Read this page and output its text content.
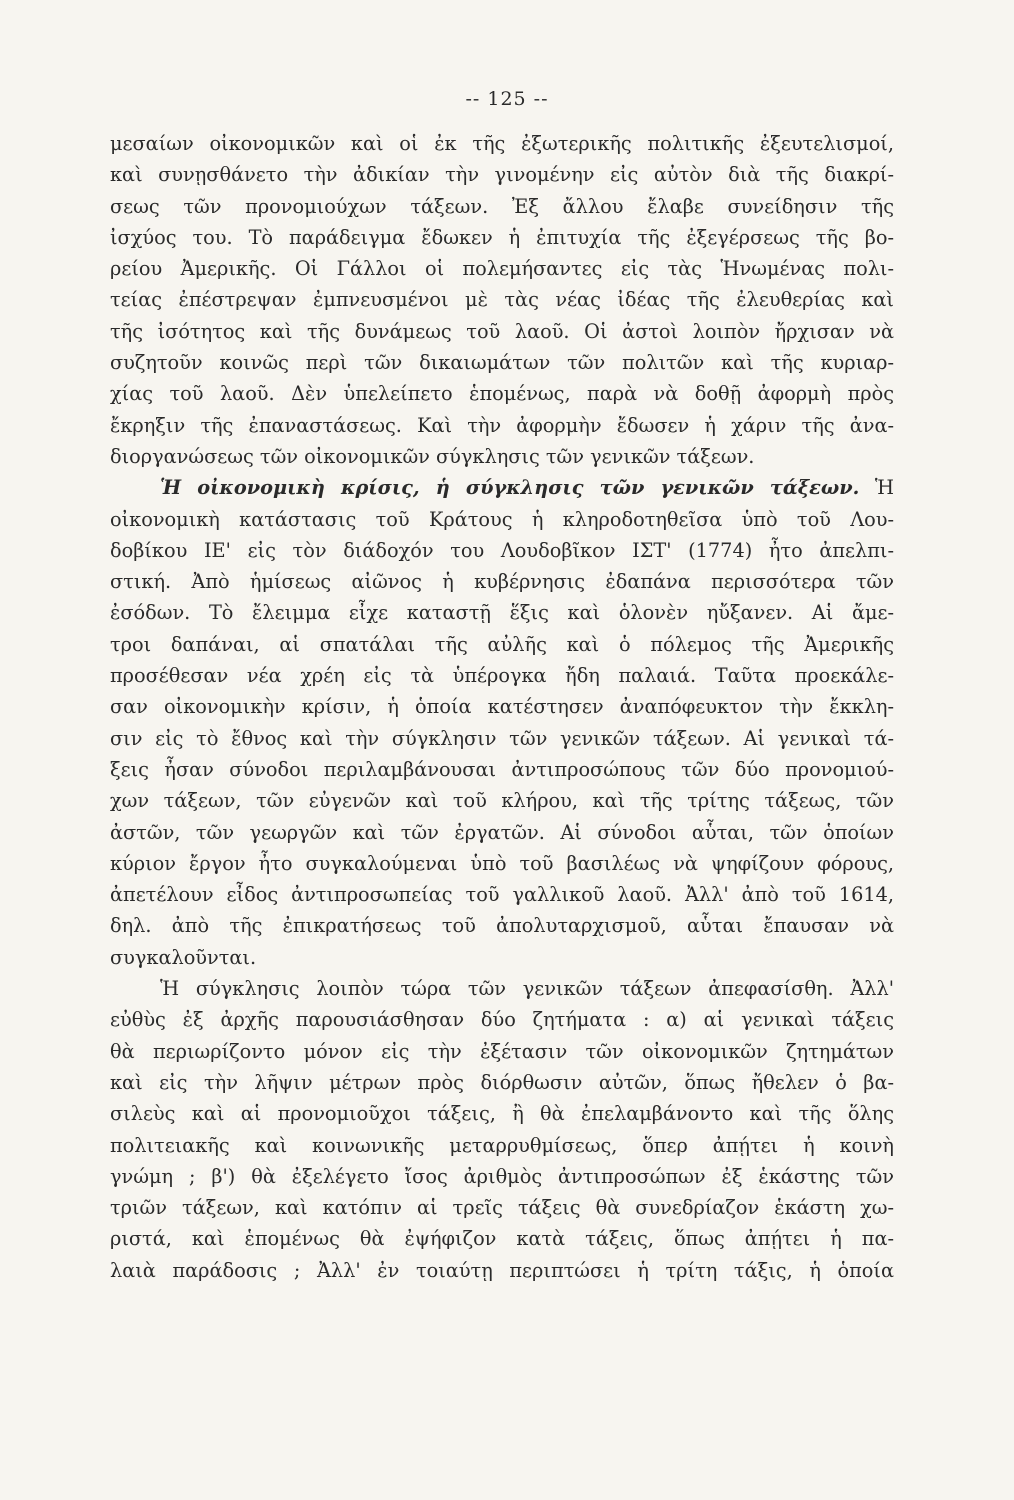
-- 125 --
μεσαίων οἰκονομικῶν καὶ οἱ ἐκ τῆς ἐξωτερικῆς πολιτικῆς ἐξευτελισμοί,
καὶ συνῃσθάνετο τὴν ἀδικίαν τὴν γινομένην εἰς αὐτὸν διὰ τῆς διακρί-
σεως τῶν προνομιούχων τάξεων. Ἐξ ἄλλου ἔλαβε συνείδησιν τῆς
ἰσχύος του. Τὸ παράδειγμα ἔδωκεν ἡ ἐπιτυχία τῆς ἐξεγέρσεως τῆς βο-
ρείου Ἀμερικῆς. Οἱ Γάλλοι οἱ πολεμήσαντες εἰς τὰς Ἡνωμένας πολι-
τείας ἐπέστρεψαν ἐμπνευσμένοι μὲ τὰς νέας ἰδέας τῆς ἐλευθερίας καὶ
τῆς ἰσότητος καὶ τῆς δυνάμεως τοῦ λαοῦ. Οἱ ἀστοὶ λοιπὸν ἤρχισαν νὰ
συζητοῦν κοινῶς περὶ τῶν δικαιωμάτων τῶν πολιτῶν καὶ τῆς κυριαρ-
χίας τοῦ λαοῦ. Δὲν ὑπελείπετο ἑπομένως, παρὰ νὰ δοθῇ ἀφορμὴ πρὸς
ἔκρηξιν τῆς ἐπαναστάσεως. Καὶ τὴν ἀφορμὴν ἔδωσεν ἡ χάριν τῆς ἀνα-
διοργανώσεως τῶν οἰκονομικῶν σύγκλησις τῶν γενικῶν τάξεων.
Ἡ οἰκονομικὴ κρίσις, ἡ σύγκλησις τῶν γενικῶν τάξεων. Ἡ
οἰκονομικὴ κατάστασις τοῦ Κράτους ἡ κληροδοτηθεῖσα ὑπὸ τοῦ Λου-
δοβίκου ΙΕ' εἰς τὸν διάδοχόν του Λουδοβῖκον ΙΣΤ' (1774) ἦτο ἀπελπι-
στική. Ἀπὸ ἡμίσεως αἰῶνος ἡ κυβέρνησις ἐδαπάνα περισσότερα τῶν
ἐσόδων. Τὸ ἔλειμμα εἶχε καταστῇ ἕξις καὶ ὁλονὲν ηὔξανεν. Αἱ ἄμε-
τροι δαπάναι, αἱ σπατάλαι τῆς αὐλῆς καὶ ὁ πόλεμος τῆς Ἀμερικῆς
προσέθεσαν νέα χρέη εἰς τὰ ὑπέρογκα ἤδη παλαιά. Ταῦτα προεκάλε-
σαν οἰκονομικὴν κρίσιν, ἡ ὁποία κατέστησεν ἀναπόφευκτον τὴν ἔκκλη-
σιν εἰς τὸ ἔθνος καὶ τὴν σύγκλησιν τῶν γενικῶν τάξεων. Αἱ γενικαὶ τά-
ξεις ἦσαν σύνοδοι περιλαμβάνουσαι ἀντιπροσώπους τῶν δύο προνομιού-
χων τάξεων, τῶν εὐγενῶν καὶ τοῦ κλήρου, καὶ τῆς τρίτης τάξεως, τῶν
ἀστῶν, τῶν γεωργῶν καὶ τῶν ἐργατῶν. Αἱ σύνοδοι αὗται, τῶν ὁποίων
κύριον ἔργον ἦτο συγκαλούμεναι ὑπὸ τοῦ βασιλέως νὰ ψηφίζουν φόρους,
ἀπετέλουν εἶδος ἀντιπροσωπείας τοῦ γαλλικοῦ λαοῦ. Ἀλλ' ἀπὸ τοῦ 1614,
δηλ. ἀπὸ τῆς ἐπικρατήσεως τοῦ ἀπολυταρχισμοῦ, αὗται ἔπαυσαν νὰ
συγκαλοῦνται.
Ἡ σύγκλησις λοιπὸν τώρα τῶν γενικῶν τάξεων ἀπεφασίσθη. Ἀλλ'
εὐθὺς ἐξ ἀρχῆς παρουσιάσθησαν δύο ζητήματα : α) αἱ γενικαὶ τάξεις
θὰ περιωρίζοντο μόνον εἰς τὴν ἐξέτασιν τῶν οἰκονομικῶν ζητημάτων
καὶ εἰς τὴν λῆψιν μέτρων πρὸς διόρθωσιν αὐτῶν, ὅπως ἤθελεν ὁ βα-
σιλεὺς καὶ αἱ προνομιοῦχοι τάξεις, ἢ θὰ ἐπελαμβάνοντο καὶ τῆς ὅλης
πολιτειακῆς καὶ κοινωνικῆς μεταρρυθμίσεως, ὅπερ ἀπῄτει ἡ κοινὴ
γνώμη ; β') θὰ ἐξελέγετο ἴσος ἀριθμὸς ἀντιπροσώπων ἐξ ἑκάστης τῶν
τριῶν τάξεων, καὶ κατόπιν αἱ τρεῖς τάξεις θὰ συνεδρίαζον ἑκάστη χω-
ριστά, καὶ ἑπομένως θὰ ἐψήφιζον κατὰ τάξεις, ὅπως ἀπῄτει ἡ πα-
λαιὰ παράδοσις ; Ἀλλ' ἐν τοιαύτῃ περιπτώσει ἡ τρίτη τάξις, ἡ ὁποία
